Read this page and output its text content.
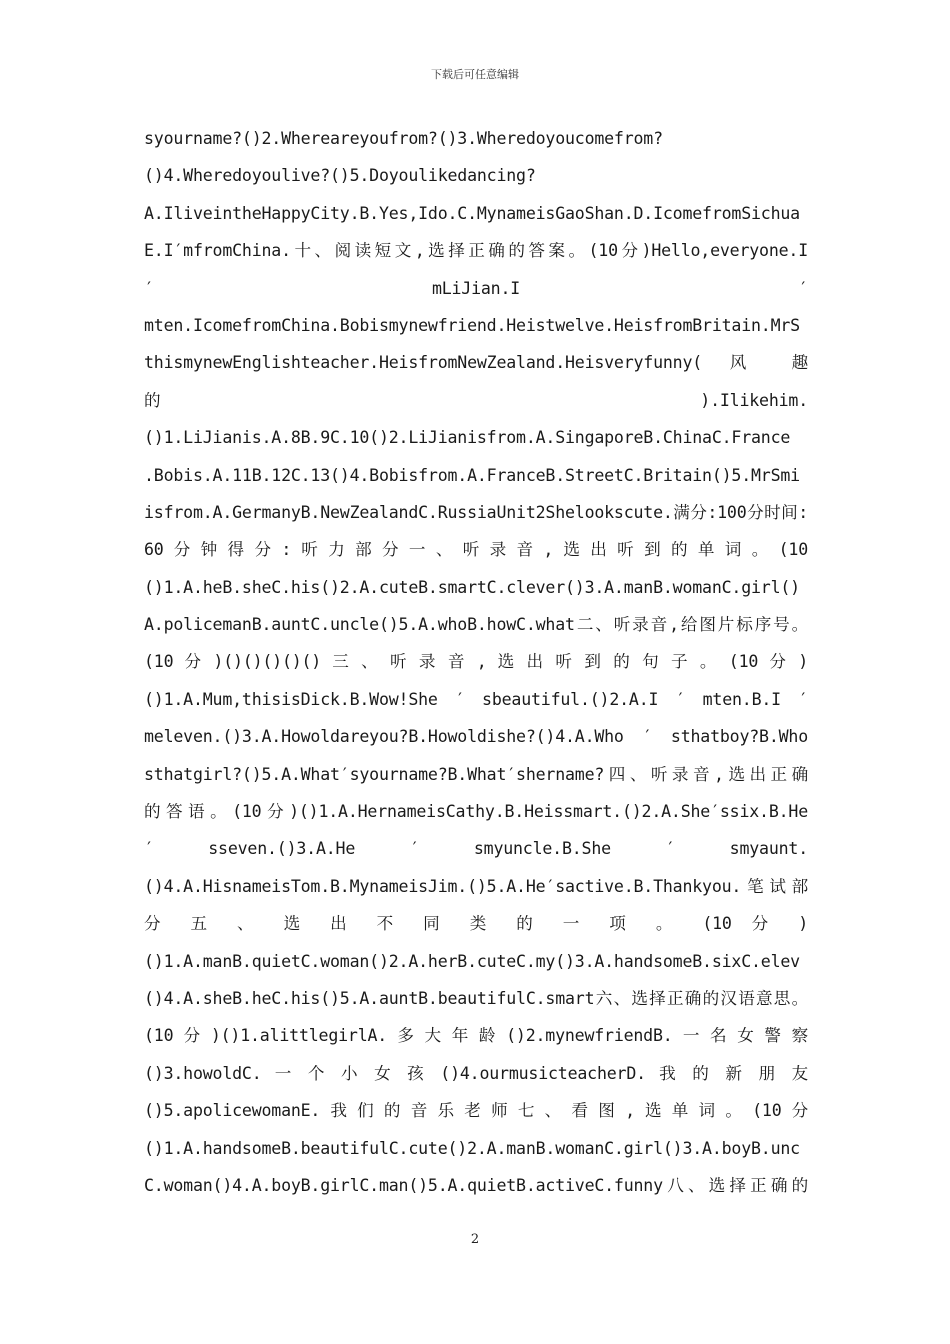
下载后可任意编辑
syourname?()2.Whereareyoufrom?()3.Wheredoyoucomefrom?
()4.Wheredoyoulive?()5.Doyoulikedancing?
A.IliveintheHappyCity.B.Yes,Ido.C.MynameisGaoShan.D.IcomefromSichua
E.I′mfromChina.十、阅读短文,选择正确的答案。(10分)Hello,everyone.I
′ mLiJian.I ′
mten.IcomefromChina.Bobismynewfriend.Heistwelve.HeisfromBritain.MrS
thismynewEnglishteacher.HeisfromNewZealand.Heisveryfunny( 风 趣
的 ).Ilikehim.
()1.LiJianis.A.8B.9C.10()2.LiJianisfrom.A.SingaporeB.ChinaC.France
.Bobis.A.11B.12C.13()4.Bobisfrom.A.FranceB.StreetC.Britain()5.MrSmi
isfrom.A.GermanyB.NewZealandC.RussiaUnit2Shelookscute.满分:100分时间:
60 分 钟 得 分 : 听 力 部 分 一 、 听 录 音 , 选 出 听 到 的 单 词 。 (10
()1.A.heB.sheC.his()2.A.cuteB.smartC.clever()3.A.manB.womanC.girl()
A.policemanB.auntC.uncle()5.A.whoB.howC.what二、听录音,给图片标序号。
(10 分 )()()()()() 三 、 听 录 音 , 选 出 听 到 的 句 子 。 (10 分 )
()1.A.Mum,thisisDick.B.Wow!She ′ sbeautiful.()2.A.I ′ mten.B.I ′
meleven.()3.A.Howoldareyou?B.Howoldishe?()4.A.Who ′ sthatboy?B.Who
sthatgirl?()5.A.What′syourname?B.What′shername?四、听录音,选出正确
的答语。(10分)()1.A.HernameisCathy.B.Heissmart.()2.A.She′ssix.B.He
′ sseven.()3.A.He ′ smyuncle.B.She ′ smyaunt.
()4.A.HisnameisTom.B.MynameisJim.()5.A.He′sactive.B.Thankyou.笔试部
分 五 、 选 出 不 同 类 的 一 项 。 (10 分 )
()1.A.manB.quietC.woman()2.A.herB.cuteC.my()3.A.handsomeB.sixC.elev
()4.A.sheB.heC.his()5.A.auntB.beautifulC.smart六、选择正确的汉语意思。
(10 分 )()1.alittlegirlA. 多 大 年 龄 ()2.mynewfriendB. 一 名 女 警 察
()3.howoldC. 一 个 小 女 孩 ()4.ourmusicteacherD. 我 的 新 朋 友
()5.apolicewomanE. 我 们 的 音 乐 老 师 七 、 看 图 , 选 单 词 。 (10 分
()1.A.handsomeB.beautifulC.cute()2.A.manB.womanC.girl()3.A.boyB.unc
C.woman()4.A.boyB.girlC.man()5.A.quietB.activeC.funny八、选择正确的
2
